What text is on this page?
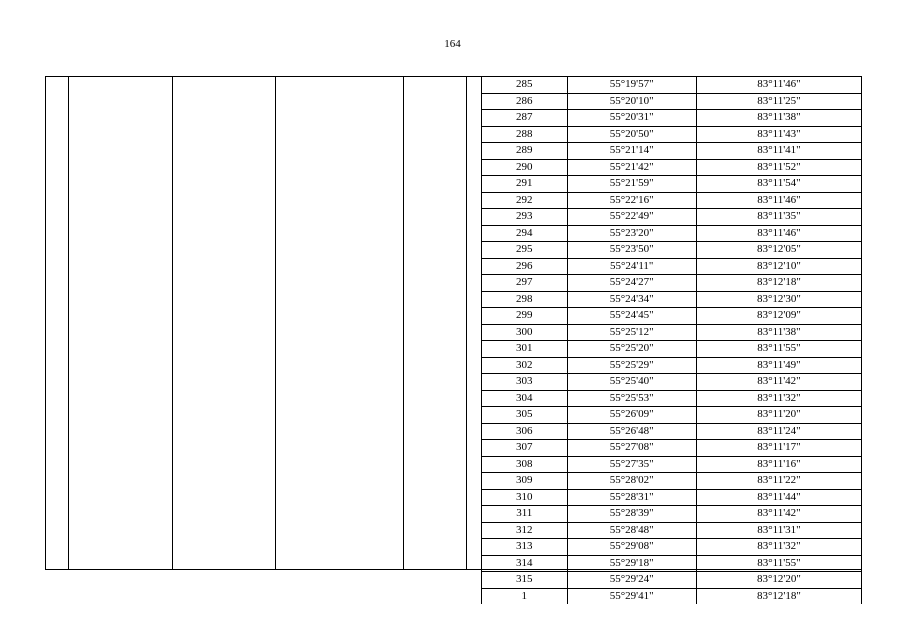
164
285	55°19'57"	83°11'46"
286	55°20'10"	83°11'25"
287	55°20'31"	83°11'38"
288	55°20'50"	83°11'43"
289	55°21'14"	83°11'41"
290	55°21'42"	83°11'52"
291	55°21'59"	83°11'54"
292	55°22'16"	83°11'46"
293	55°22'49"	83°11'35"
294	55°23'20"	83°11'46"
295	55°23'50"	83°12'05"
296	55°24'11"	83°12'10"
297	55°24'27"	83°12'18"
298	55°24'34"	83°12'30"
299	55°24'45"	83°12'09"
300	55°25'12"	83°11'38"
301	55°25'20"	83°11'55"
302	55°25'29"	83°11'49"
303	55°25'40"	83°11'42"
304	55°25'53"	83°11'32"
305	55°26'09"	83°11'20"
306	55°26'48"	83°11'24"
307	55°27'08"	83°11'17"
308	55°27'35"	83°11'16"
309	55°28'02"	83°11'22"
310	55°28'31"	83°11'44"
311	55°28'39"	83°11'42"
312	55°28'48"	83°11'31"
313	55°29'08"	83°11'32"
314	55°29'18"	83°11'55"
315	55°29'24"	83°12'20"
1	55°29'41"	83°12'18"
